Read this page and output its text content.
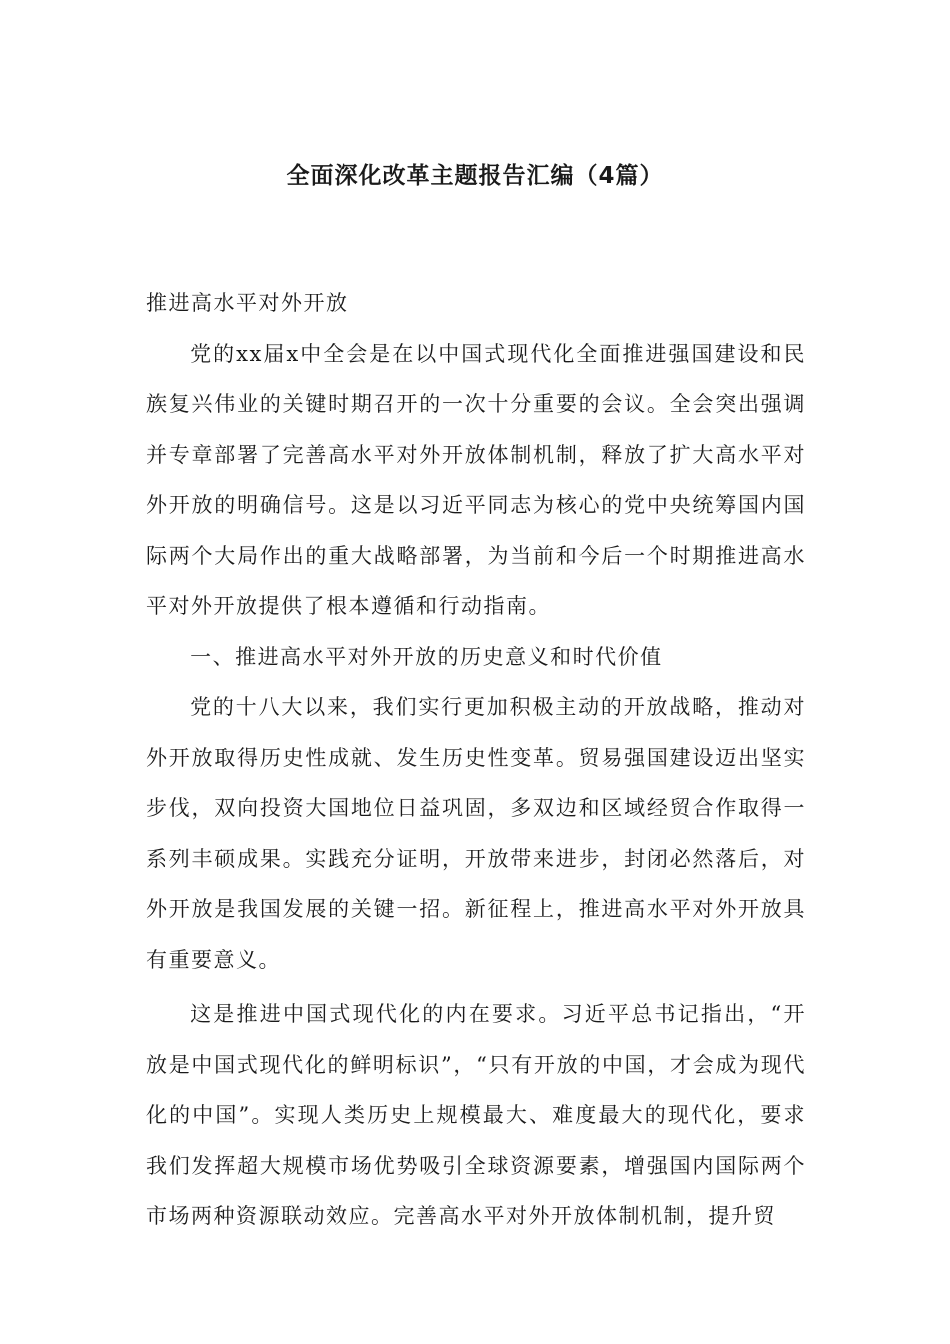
全面深化改革主题报告汇编（4篇）

推进高水平对外开放

党的xx届x中全会是在以中国式现代化全面推进强国建设和民族复兴伟业的关键时期召开的一次十分重要的会议。全会突出强调并专章部署了完善高水平对外开放体制机制，释放了扩大高水平对外开放的明确信号。这是以习近平同志为核心的党中央统筹国内国际两个大局作出的重大战略部署，为当前和今后一个时期推进高水平对外开放提供了根本遵循和行动指南。

一、推进高水平对外开放的历史意义和时代价值

党的十八大以来，我们实行更加积极主动的开放战略，推动对外开放取得历史性成就、发生历史性变革。贸易强国建设迈出坚实步伐，双向投资大国地位日益巩固，多双边和区域经贸合作取得一系列丰硕成果。实践充分证明，开放带来进步，封闭必然落后，对外开放是我国发展的关键一招。新征程上，推进高水平对外开放具有重要意义。

这是推进中国式现代化的内在要求。习近平总书记指出，“开放是中国式现代化的鲜明标识”，“只有开放的中国，才会成为现代化的中国”。实现人类历史上规模最大、难度最大的现代化，要求我们发挥超大规模市场优势吸引全球资源要素，增强国内国际两个市场两种资源联动效应。完善高水平对外开放体制机制，提升贸
